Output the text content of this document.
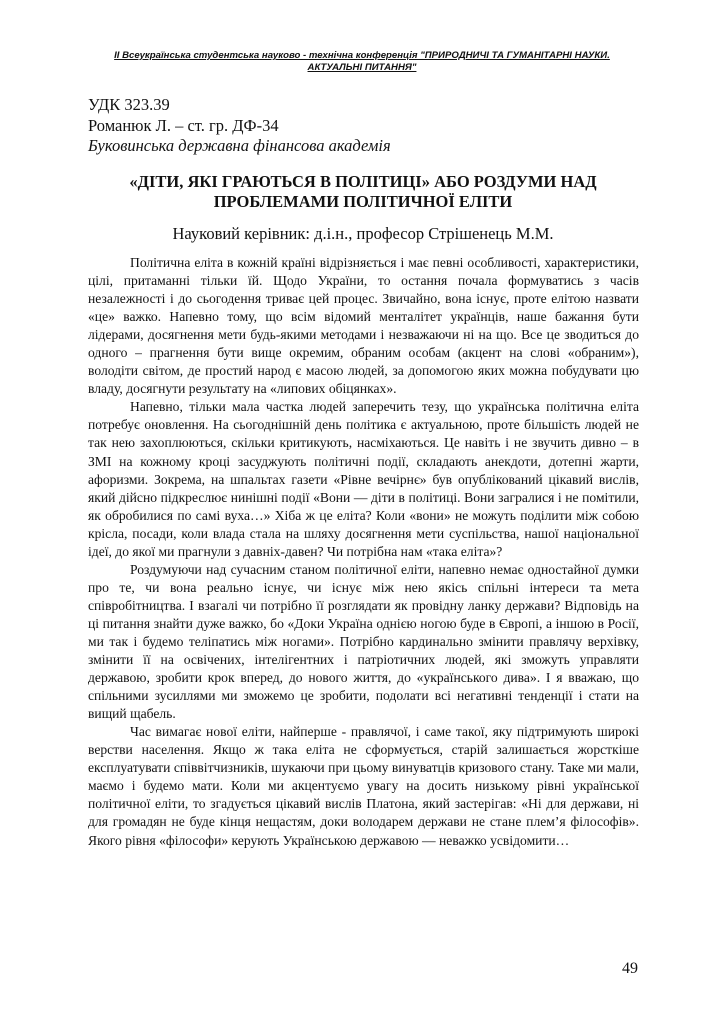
ІІ Всеукраїнська студентська науково - технічна конференція "ПРИРОДНИЧІ ТА ГУМАНІТАРНІ НАУКИ.
АКТУАЛЬНІ ПИТАННЯ"
УДК 323.39
Романюк Л. – ст. гр. ДФ-34
Буковинська державна фінансова академія
«ДІТИ, ЯКІ ГРАЮТЬСЯ В ПОЛІТИЦІ» АБО РОЗДУМИ НАД ПРОБЛЕМАМИ ПОЛІТИЧНОЇ ЕЛІТИ
Науковий керівник: д.і.н., професор Стрішенець М.М.

Політична еліта в кожній країні відрізняється і має певні особливості, характеристики, цілі, притаманні тільки їй. Щодо України, то остання почала формуватись з часів незалежності і до сьогодення триває цей процес. Звичайно, вона існує, проте елітою назвати «це» важко. Напевно тому, що всім відомий менталітет українців, наше бажання бути лідерами, досягнення мети будь-якими методами і незважаючи ні на що. Все це зводиться до одного – прагнення бути вище окремим, обраним особам (акцент на слові «обраним»), володіти світом, де простий народ є масою людей, за допомогою яких можна побудувати цю владу, досягнути результату на «липових обіцянках».

Напевно, тільки мала частка людей заперечить тезу, що українська політична еліта потребує оновлення. На сьогоднішній день політика є актуальною, проте більшість людей не так нею захоплюються, скільки критикують, насміхаються. Це навіть і не звучить дивно – в ЗМІ на кожному кроці засуджують політичні події, складають анекдоти, дотепні жарти, афоризми. Зокрема, на шпальтах газети «Рівне вечірнє» був опублікований цікавий вислів, який дійсно підкреслює нинішні події «Вони — діти в політиці. Вони загралися і не помітили, як обробилися по самі вуха…» Хіба ж це еліта? Коли «вони» не можуть поділити між собою крісла, посади, коли влада стала на шляху досягнення мети суспільства, нашої національної ідеї, до якої ми прагнули з давніх-давен? Чи потрібна нам «така еліта»?

Роздумуючи над сучасним станом політичної еліти, напевно немає одностайної думки про те, чи вона реально існує, чи існує між нею якісь спільні інтереси та мета співробітництва. І взагалі чи потрібно її розглядати як провідну ланку держави? Відповідь на ці питання знайти дуже важко, бо «Доки Україна однією ногою буде в Європі, а іншою в Росії, ми так і будемо теліпатись між ногами». Потрібно кардинально змінити правлячу верхівку, змінити її на освічених, інтелігентних і патріотичних людей, які зможуть управляти державою, зробити крок вперед, до нового життя, до «українського дива». І я вважаю, що спільними зусиллями ми зможемо це зробити, подолати всі негативні тенденції і стати на вищий щабель.

Час вимагає нової еліти, найперше - правлячої, і саме такої, яку підтримують широкі верстви населення. Якщо ж така еліта не сформується, старій залишається жорсткіше експлуатувати співвітчизників, шукаючи при цьому винуватців кризового стану. Таке ми мали, маємо і будемо мати. Коли ми акцентуємо увагу на досить низькому рівні української політичної еліти, то згадується цікавий вислів Платона, який застерігав: «Ні для держави, ні для громадян не буде кінця нещастям, доки володарем держави не стане плем’я філософів». Якого рівня «філософи» керують Українською державою — неважко усвідомити…

49
